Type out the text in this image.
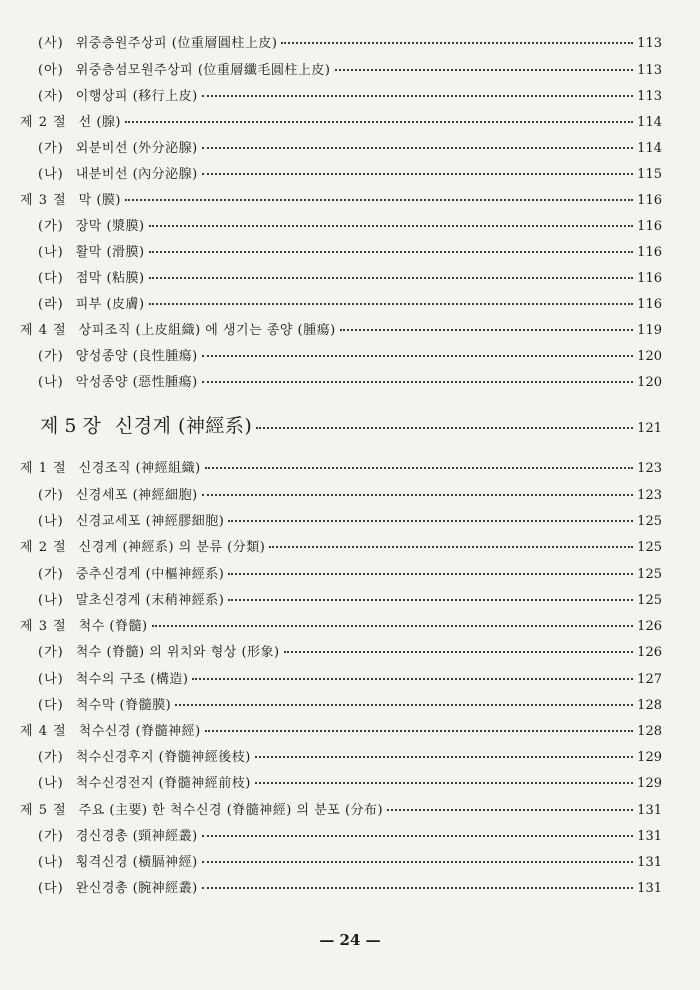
(사) 위중층원주상피 (位重層圓柱上皮)	113
(아) 위중층섬모원주상피 (位重層纖毛圓柱上皮)	113
(자) 이행상피 (移行上皮)	113
제 2 절 선 (腺)	114
(가) 외분비선 (外分泌腺)	114
(나) 내분비선 (內分泌腺)	115
제 3 절 막 (膜)	116
(가) 장막 (漿膜)	116
(나) 활막 (滑膜)	116
(다) 점막 (粘膜)	116
(라) 피부 (皮膚)	116
제 4 절 상피조직 (上皮組織) 에 생기는 종양 (腫瘍)	119
(가) 양성종양 (良性腫瘍)	120
(나) 악성종양 (惡性腫瘍)	120
제 5 장 신경계 (神經系)	121
제 1 절 신경조직 (神經組織)	123
(가) 신경세포 (神經細胞)	123
(나) 신경교세포 (神經膠細胞)	125
제 2 절 신경계 (神經系) 의 분류 (分類)	125
(가) 중추신경계 (中樞神經系)	125
(나) 말초신경계 (末稍神經系)	125
제 3 절 척수 (脊髓)	126
(가) 척수 (脊髓) 의 위치와 형상 (形象)	126
(나) 척수의 구조 (構造)	127
(다) 척수막 (脊髓膜)	128
제 4 절 척수신경 (脊髓神經)	128
(가) 척수신경후지 (脊髓神經後枝)	129
(나) 척수신경전지 (脊髓神經前枝)	129
제 5 절 주요 (主要) 한 척수신경 (脊髓神經) 의 분포 (分布)	131
(가) 경신경총 (頸神經叢)	131
(나) 횡격신경 (橫膈神經)	131
(다) 완신경총 (腕神經叢)	131
— 24 —
